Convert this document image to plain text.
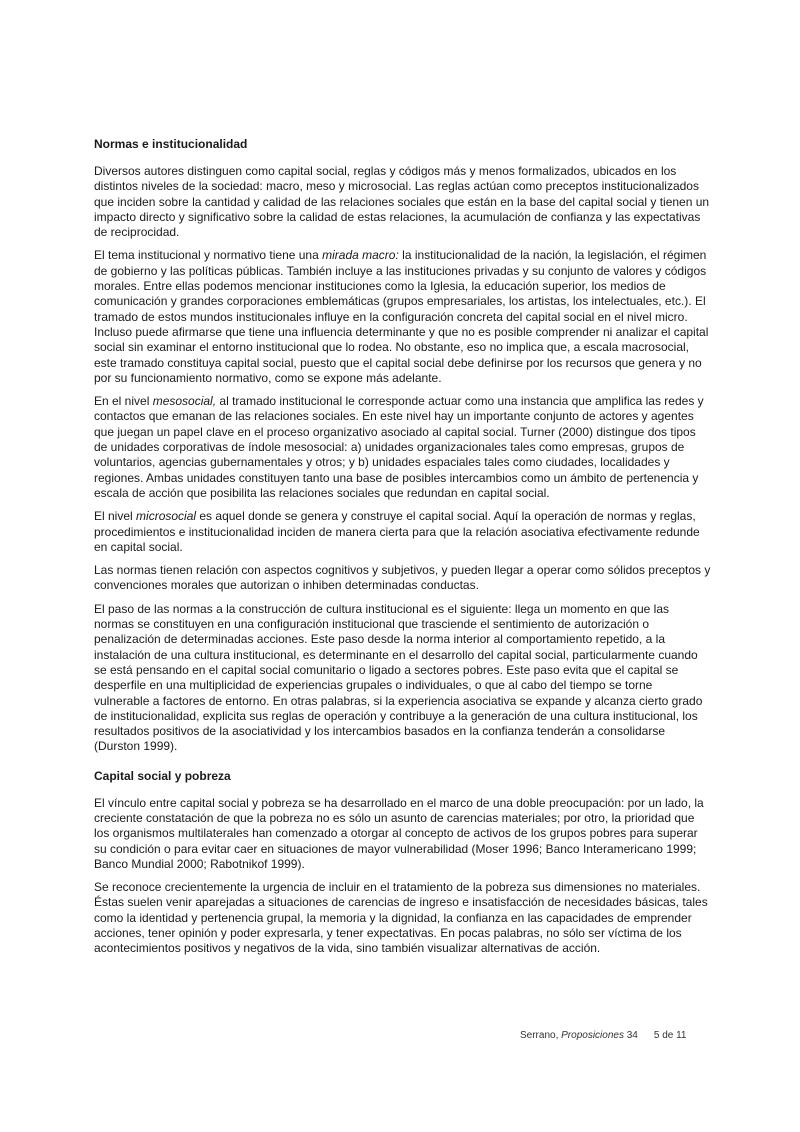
Normas e institucionalidad

Diversos autores distinguen como capital social, reglas y códigos más y menos formalizados, ubicados en los distintos niveles de la sociedad: macro, meso y microsocial. Las reglas actúan como preceptos institucionalizados que inciden sobre la cantidad y calidad de las relaciones sociales que están en la base del capital social y tienen un impacto directo y significativo sobre la calidad de estas relaciones, la acumulación de confianza y las expectativas de reciprocidad.

El tema institucional y normativo tiene una mirada macro: la institucionalidad de la nación, la legislación, el régimen de gobierno y las políticas públicas. También incluye a las instituciones privadas y su conjunto de valores y códigos morales. Entre ellas podemos mencionar instituciones como la Iglesia, la educación superior, los medios de comunicación y grandes corporaciones emblemáticas (grupos empresariales, los artistas, los intelectuales, etc.). El tramado de estos mundos institucionales influye en la configuración concreta del capital social en el nivel micro. Incluso puede afirmarse que tiene una influencia determinante y que no es posible comprender ni analizar el capital social sin examinar el entorno institucional que lo rodea. No obstante, eso no implica que, a escala macrosocial, este tramado constituya capital social, puesto que el capital social debe definirse por los recursos que genera y no por su funcionamiento normativo, como se expone más adelante.

En el nivel mesosocial, al tramado institucional le corresponde actuar como una instancia que amplifica las redes y contactos que emanan de las relaciones sociales. En este nivel hay un importante conjunto de actores y agentes que juegan un papel clave en el proceso organizativo asociado al capital social. Turner (2000) distingue dos tipos de unidades corporativas de índole mesosocial: a) unidades organizacionales tales como empresas, grupos de voluntarios, agencias gubernamentales y otros; y b) unidades espaciales tales como ciudades, localidades y regiones. Ambas unidades constituyen tanto una base de posibles intercambios como un ámbito de pertenencia y escala de acción que posibilita las relaciones sociales que redundan en capital social.

El nivel microsocial es aquel donde se genera y construye el capital social. Aquí la operación de normas y reglas, procedimientos e institucionalidad inciden de manera cierta para que la relación asociativa efectivamente redunde en capital social.

Las normas tienen relación con aspectos cognitivos y subjetivos, y pueden llegar a operar como sólidos preceptos y convenciones morales que autorizan o inhiben determinadas conductas.

El paso de las normas a la construcción de cultura institucional es el siguiente: llega un momento en que las normas se constituyen en una configuración institucional que trasciende el sentimiento de autorización o penalización de determinadas acciones. Este paso desde la norma interior al comportamiento repetido, a la instalación de una cultura institucional, es determinante en el desarrollo del capital social, particularmente cuando se está pensando en el capital social comunitario o ligado a sectores pobres. Este paso evita que el capital se desperfile en una multiplicidad de experiencias grupales o individuales, o que al cabo del tiempo se torne vulnerable a factores de entorno. En otras palabras, si la experiencia asociativa se expande y alcanza cierto grado de institucionalidad, explicita sus reglas de operación y contribuye a la generación de una cultura institucional, los resultados positivos de la asociatividad y los intercambios basados en la confianza tenderán a consolidarse (Durston 1999).

Capital social y pobreza

El vínculo entre capital social y pobreza se ha desarrollado en el marco de una doble preocupación: por un lado, la creciente constatación de que la pobreza no es sólo un asunto de carencias materiales; por otro, la prioridad que los organismos multilaterales han comenzado a otorgar al concepto de activos de los grupos pobres para superar su condición o para evitar caer en situaciones de mayor vulnerabilidad (Moser 1996; Banco Interamericano 1999; Banco Mundial 2000; Rabotnikof 1999).

Se reconoce crecientemente la urgencia de incluir en el tratamiento de la pobreza sus dimensiones no materiales. Éstas suelen venir aparejadas a situaciones de carencias de ingreso e insatisfacción de necesidades básicas, tales como la identidad y pertenencia grupal, la memoria y la dignidad, la confianza en las capacidades de emprender acciones, tener opinión y poder expresarla, y tener expectativas. En pocas palabras, no sólo ser víctima de los acontecimientos positivos y negativos de la vida, sino también visualizar alternativas de acción.

Serrano, Proposiciones 34 5 de 11
